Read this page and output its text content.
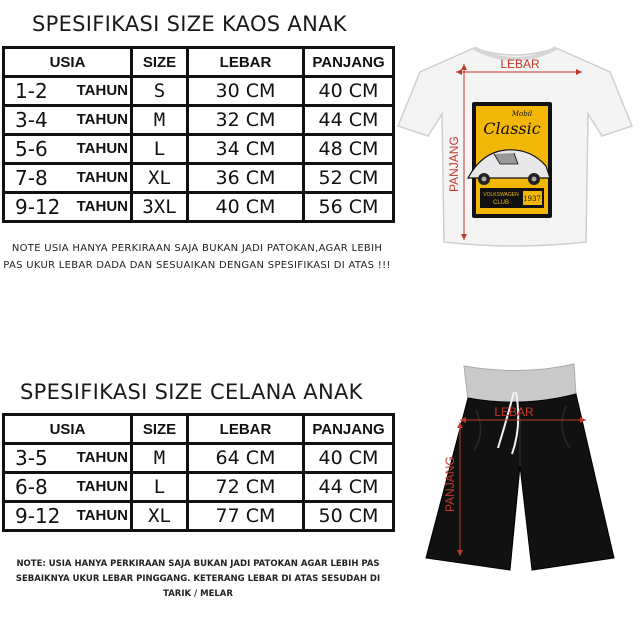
SPESIFIKASI SIZE KAOS ANAK
USIA	SIZE	LEBAR	PANJANG

1-2 TAHUN	S	30 CM	40 CM

3-4 TAHUN	M	32 CM	44 CM

5-6 TAHUN	L	34 CM	48 CM

7-8 TAHUN	XL	36 CM	52 CM

9-12 TAHUN	3XL	40 CM	56 CM
NOTE USIA HANYA PERKIRAAN SAJA BUKAN JADI PATOKAN,AGAR LEBIH PAS UKUR LEBAR DADA DAN SESUAIKAN DENGAN SPESIFIKASI DI ATAS !!!
LEBAR
PANJANG
Mobil
Classic
VOLKSWAGEN
CLUB 1937
SPESIFIKASI SIZE CELANA ANAK
USIA	SIZE	LEBAR	PANJANG

3-5 TAHUN	M	64 CM	40 CM

6-8 TAHUN	L	72 CM	44 CM

9-12 TAHUN	XL	77 CM	50 CM
NOTE: USIA HANYA PERKIRAAN SAJA BUKAN JADI PATOKAN AGAR LEBIH PAS SEBAIKNYA UKUR LEBAR PINGGANG. KETERANG LEBAR DI ATAS SESUDAH DI TARIK / MELAR
LEBAR
PANJANG
